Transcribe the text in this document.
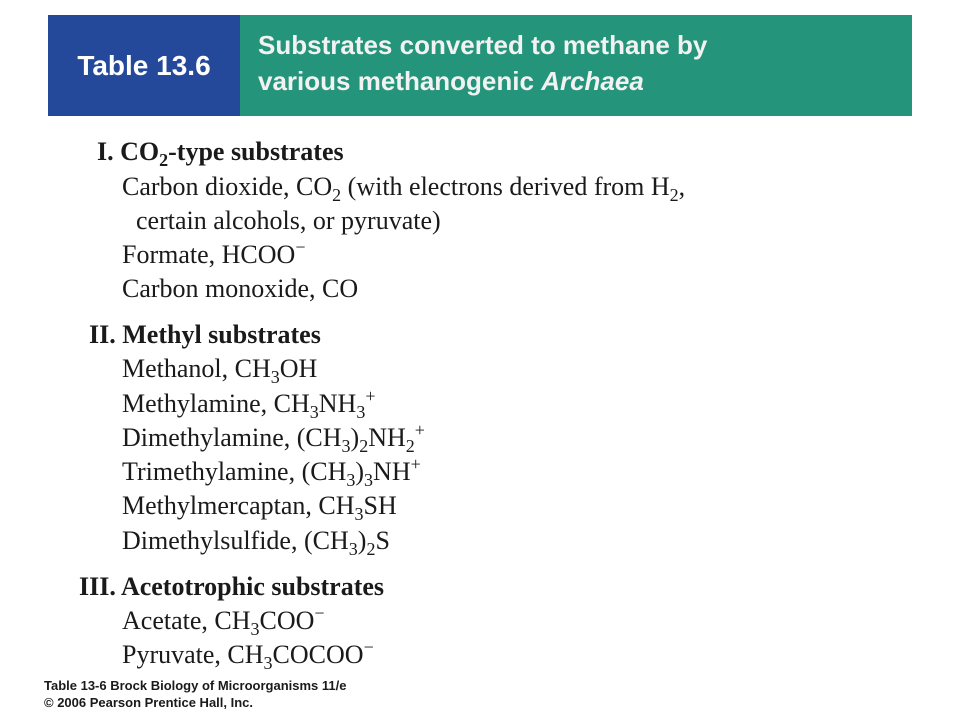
Table 13.6
Substrates converted to methane by
various methanogenic Archaea
I. $CO_2$-type substrates
Carbon dioxide, $CO_2$ (with electrons derived from $H_2$,
certain alcohols, or pyruvate)
Formate, HCOO−
Carbon monoxide, CO
II. Methyl substrates
Methanol, $CH_3OH$
Methylamine, $CH_3NH_3^+$
Dimethylamine, $(CH_3)_2NH_2^+$
Trimethylamine, $(CH_3)_3NH^+$
Methylmercaptan, $CH_3SH$
Dimethylsulfide, $(CH_3)_2S$
III. Acetotrophic substrates
Acetate, $CH_3COO^-$
Pyruvate, $CH_3COCOO^-$
Table 13-6 Brock Biology of Microorganisms 11/e
© 2006 Pearson Prentice Hall, Inc.
